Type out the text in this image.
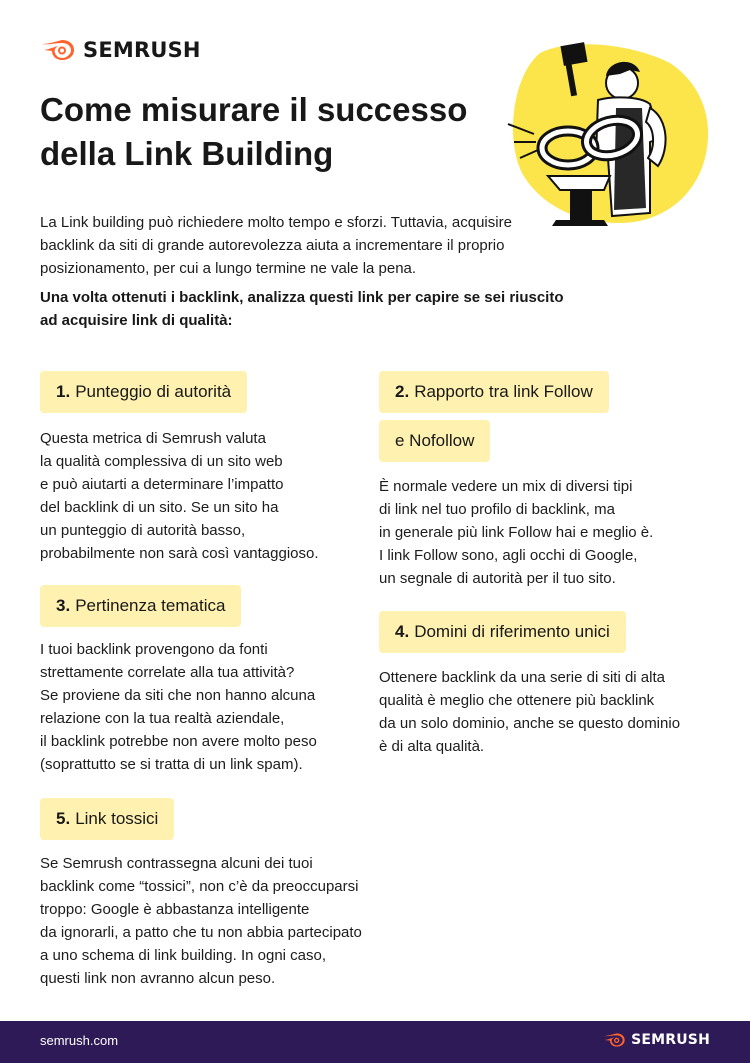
SEMRUSH
Come misurare il successo
della Link Building

La Link building può richiedere molto tempo e sforzi. Tuttavia, acquisire backlink da siti di grande autorevolezza aiuta a incrementare il proprio posizionamento, per cui a lungo termine ne vale la pena.

Una volta ottenuti i backlink, analizza questi link per capire se sei riuscito ad acquisire link di qualità:

1. Punteggio di autorità

Questa metrica di Semrush valuta
la qualità complessiva di un sito web
e può aiutarti a determinare l’impatto
del backlink di un sito. Se un sito ha
un punteggio di autorità basso,
probabilmente non sarà così vantaggioso.

2. Rapporto tra link Follow
e Nofollow

È normale vedere un mix di diversi tipi
di link nel tuo profilo di backlink, ma
in generale più link Follow hai e meglio è.
I link Follow sono, agli occhi di Google,
un segnale di autorità per il tuo sito.

3. Pertinenza tematica

I tuoi backlink provengono da fonti
strettamente correlate alla tua attività?
Se proviene da siti che non hanno alcuna
relazione con la tua realtà aziendale,
il backlink potrebbe non avere molto peso
(soprattutto se si tratta di un link spam).

4. Domini di riferimento unici

Ottenere backlink da una serie di siti di alta
qualità è meglio che ottenere più backlink
da un solo dominio, anche se questo dominio
è di alta qualità.

5. Link tossici

Se Semrush contrassegna alcuni dei tuoi
backlink come “tossici”, non c’è da preoccuparsi
troppo: Google è abbastanza intelligente
da ignorarli, a patto che tu non abbia partecipato
a uno schema di link building. In ogni caso,
questi link non avranno alcun peso.

semrush.com	SEMRUSH
